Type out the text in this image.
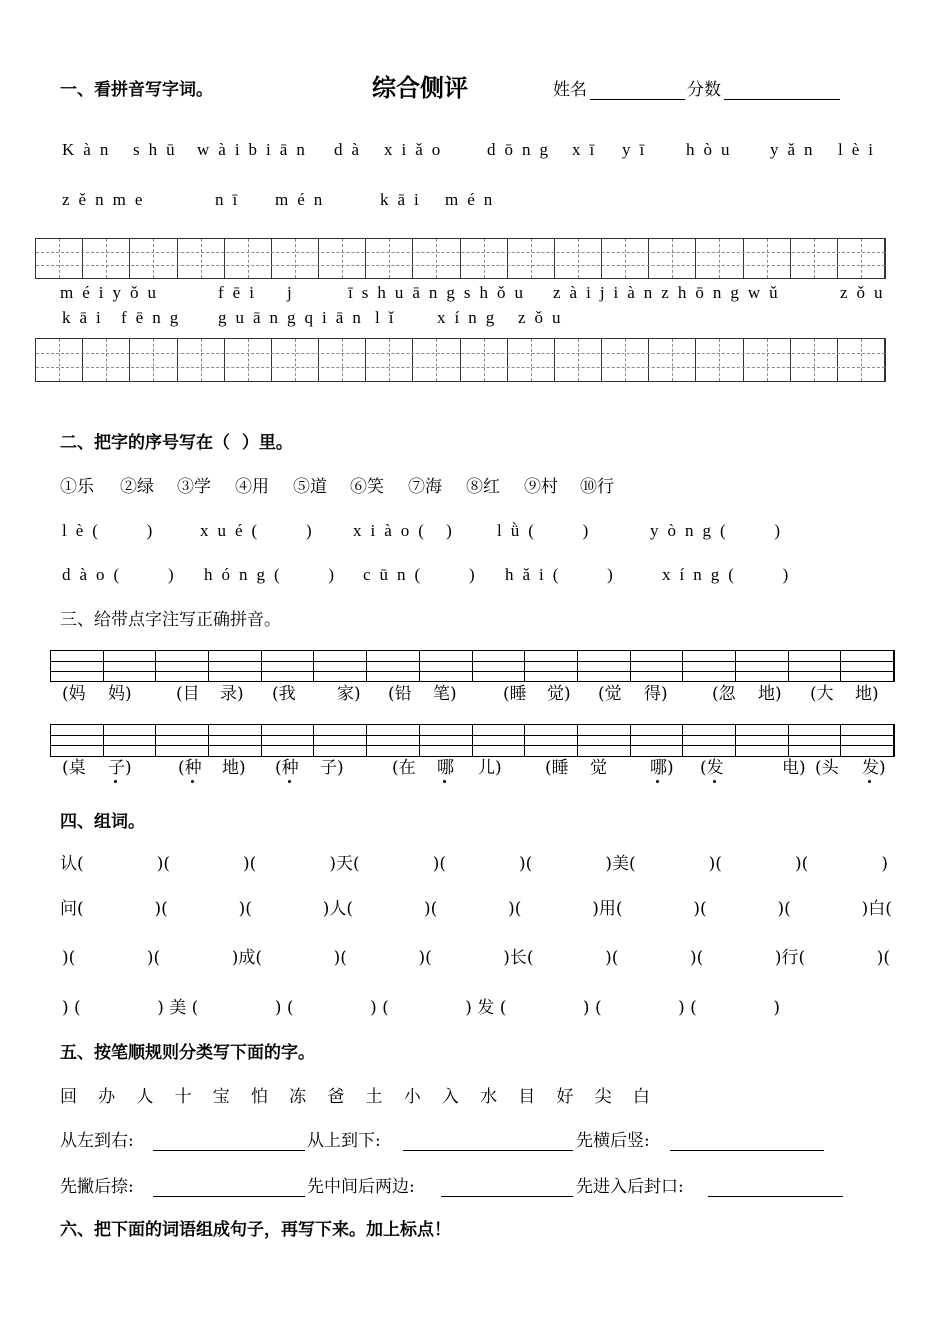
一、看拼音写字词。	综合侧评	姓名	分数
Kàn shū wàibiān dà xiǎo dōng xī yī hòu yǎn lèi
zěnme	nī mén	kāi mén
méiyǒu	fēi j	īshuāngshǒu zàijiànzhōngwǔ	zǒu
kāi fēng guāngqiān lǐ xíng zǒu
二、把字的序号写在（  ）里。
①乐 ②绿 ③学 ④用 ⑤道 ⑥笑 ⑦海 ⑧红 ⑨村 ⑩行
lè(   ) xué(   ) xiào( ) lǜ(   )	yòng(   )
dào(   ) hóng(   ) cūn(   ) hǎi(   ) xíng(   )
三、给带点字注写正确拼音。
(妈 妈)	(目 录) (我 家) (铅 笔)	(睡 觉) (觉 得)	(忽 地) (大 地)
(桌 子)	(种 地) (种 子)	(在 哪 儿)	(睡 觉	哪) (发	电) (头 发)
四、组词。
认(	)(	)(	)天(	)(	)(	)美(	)(	)(	)
问(	)(	)(	)人(	)(	)(	)用(	)(	)(	)白(
)(	)(	)成(	)(	)(	)长(	)(	)(	)行(	)(
) (	) 美 (	) (	) (	) 发 (	) (	) (	)
五、按笔顺规则分类写下面的字。
回	办	人	十	宝	怕	冻	爸	土	小	入	水	目	好	尖	白
从左到右:	从上到下:	先横后竖:
先撇后捺:	先中间后两边:	先进入后封口:
六、把下面的词语组成句子，再写下来。加上标点！
